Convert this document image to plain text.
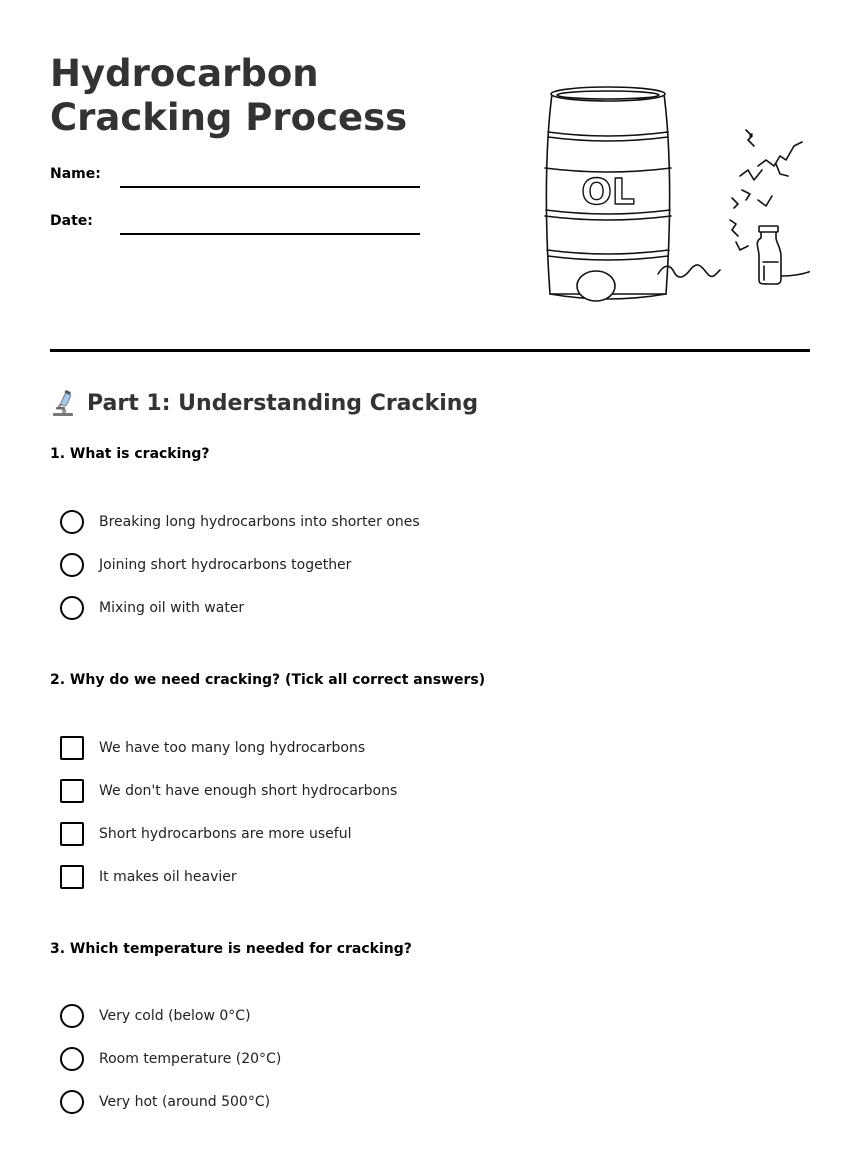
Hydrocarbon Cracking Process
Name:
Date:
OL
Part 1: Understanding Cracking

1. What is cracking?

Breaking long hydrocarbons into shorter ones
Joining short hydrocarbons together
Mixing oil with water

2. Why do we need cracking? (Tick all correct answers)

We have too many long hydrocarbons
We don't have enough short hydrocarbons
Short hydrocarbons are more useful
It makes oil heavier

3. Which temperature is needed for cracking?

Very cold (below 0°C)
Room temperature (20°C)
Very hot (around 500°C)
